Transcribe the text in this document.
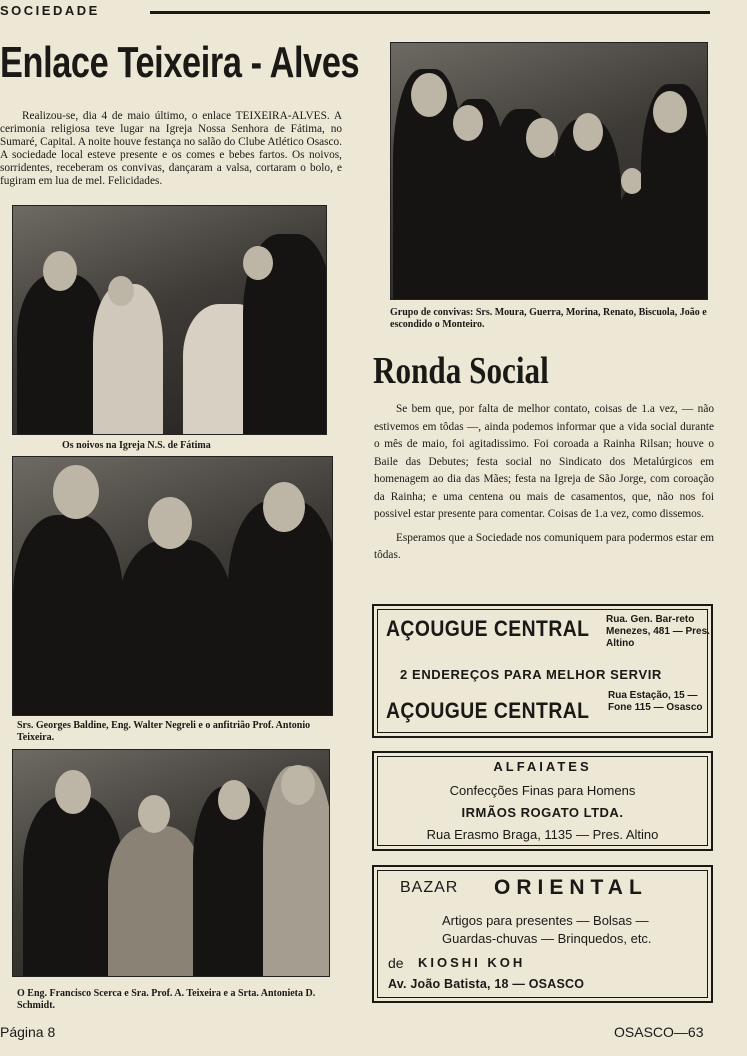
SOCIEDADE
Enlace Teixeira - Alves

Realizou-se, dia 4 de maio último, o enlace TEIXEIRA-ALVES. A cerimonia religiosa teve lugar na Igreja Nossa Senhora de Fátima, no Sumaré, Capital. A noite houve festança no salão do Clube Atlético Osasco. A sociedade local esteve presente e os comes e bebes fartos. Os noivos, sorridentes, receberam os convivas, dançaram a valsa, cortaram o bolo, e fugiram em lua de mel. Felicidades.

Os noivos na Igreja N.S. de Fátima
Srs. Georges Baldine, Eng. Walter Negreli e o anfitrião Prof. Antonio Teixeira.
O Eng. Francisco Scerca e Sra. Prof. A. Teixeira e a Srta. Antonieta D. Schmidt.
Grupo de convivas: Srs. Moura, Guerra, Morina, Renato, Biscuola, João e escondido o Monteiro.
Ronda Social

Se bem que, por falta de melhor contato, coisas de 1.a vez, — não estivemos em tôdas —, ainda podemos informar que a vida social durante o mês de maio, foi agitadissimo. Foi coroada a Rainha Rilsan; houve o Baile das Debutes; festa social no Sindicato dos Metalúrgicos em homenagem ao dia das Mães; festa na Igreja de São Jorge, com coroação da Rainha; e uma centena ou mais de casamentos, que, não nos foi possivel estar presente para comentar. Coisas de 1.a vez, como dissemos.

Esperamos que a Sociedade nos comuniquem para podermos estar em tôdas.

AÇOUGUE CENTRAL Rua. Gen. Bar-reto Menezes, 481 — Pres. Altino
2 ENDEREÇOS PARA MELHOR SERVIR
AÇOUGUE CENTRAL
Rua Estação, 15 — Fone 115 — Osasco
ALFAIATES
Confecções Finas para Homens
IRMÃOS ROGATO LTDA.
Rua Erasmo Braga, 1135 — Pres. Altino
BAZAR ORIENTAL
Artigos para presentes — Bolsas —
Guardas-chuvas — Brinquedos, etc.
de KIOSHI KOH
Av. João Batista, 18 — OSASCO
Página 8	OSASCO—63
